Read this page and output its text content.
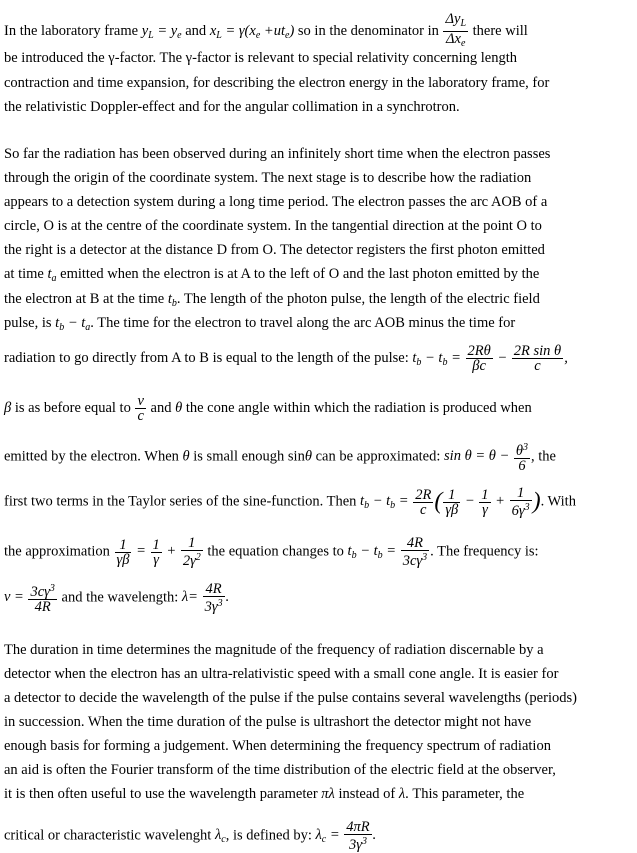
In the laboratory frame $y_L = y_e$ and $x_L = \gamma(x_e +ut_e)$ so in the denominator in
$\Delta y_L$
$\Delta x_e$
there will
be introduced the γ-factor. The γ-factor is relevant to special relativity concerning length
contraction and time expansion, for describing the electron energy in the laboratory frame, for
the relativistic Doppler-effect and for the angular collimation in a synchrotron.
So far the radiation has been observed during an infinitely short time when the electron passes
through the origin of the coordinate system. The next stage is to describe how the radiation
appears to a detection system during a long time period. The electron passes the arc AOB of a
circle, O is at the centre of the coordinate system. In the tangential direction at the point O to
the right is a detector at the distance D from O. The detector registers the first photon emitted
at time $t_a$ emitted when the electron is at A to the left of O and the last photon emitted by the
the electron at B at the time $t_b$. The length of the photon pulse, the length of the electric field
pulse, is $t_b - t_a$. The time for the electron to travel along the arc AOB minus the time for
radiation to go directly from A to B is equal to the length of the pulse: $t_b - t_b = \frac{2R\theta}{\beta c} - \frac{\text{2R sin θ}}{c}$ ,
β is as before equal to $\frac{\nu}{c}$ and θ the cone angle within which the radiation is produced when
emitted by the electron. When θ is small enough sinθ can be approximated: $\sin \theta = \theta - \frac{\theta^3}{6}$ , the
first two terms in the Taylor series of the sine-function. Then $t_b - t_b = \frac{2R}{c}$ ( $\frac{1}{\gamma\beta} - \frac{1}{\gamma} + \frac{1}{6\gamma^3}$ ). With
the approximation $\frac{1}{\gamma\beta} = \frac{1}{\gamma} + \frac{1}{2\gamma^2}$ the equation changes to $t_b - t_b = \frac{4R}{3c\gamma^3}$ . The frequency is:
$\nu = \frac{3c\gamma^3}{4R}$ and the wavelength: $\lambda= \frac{4R}{3\gamma^3}$ .
The duration in time determines the magnitude of the frequency of radiation discernable by a
detector when the electron has an ultra-relativistic speed with a small cone angle. It is easier for
a detector to decide the wavelength of the pulse if the pulse contains several wavelengths (periods)
in succession. When the time duration of the pulse is ultrashort the detector might not have
enough basis for forming a judgement. When determining the frequency spectrum of radiation
an aid is often the Fourier transform of the time distribution of the electric field at the observer,
it is then often useful to use the wavelength parameter πλ instead of λ. This parameter, the
critical or characteristic wavelenght $\lambda_c$, is defined by: $\lambda_c = \frac{4\pi R}{3\gamma^3}$ .
